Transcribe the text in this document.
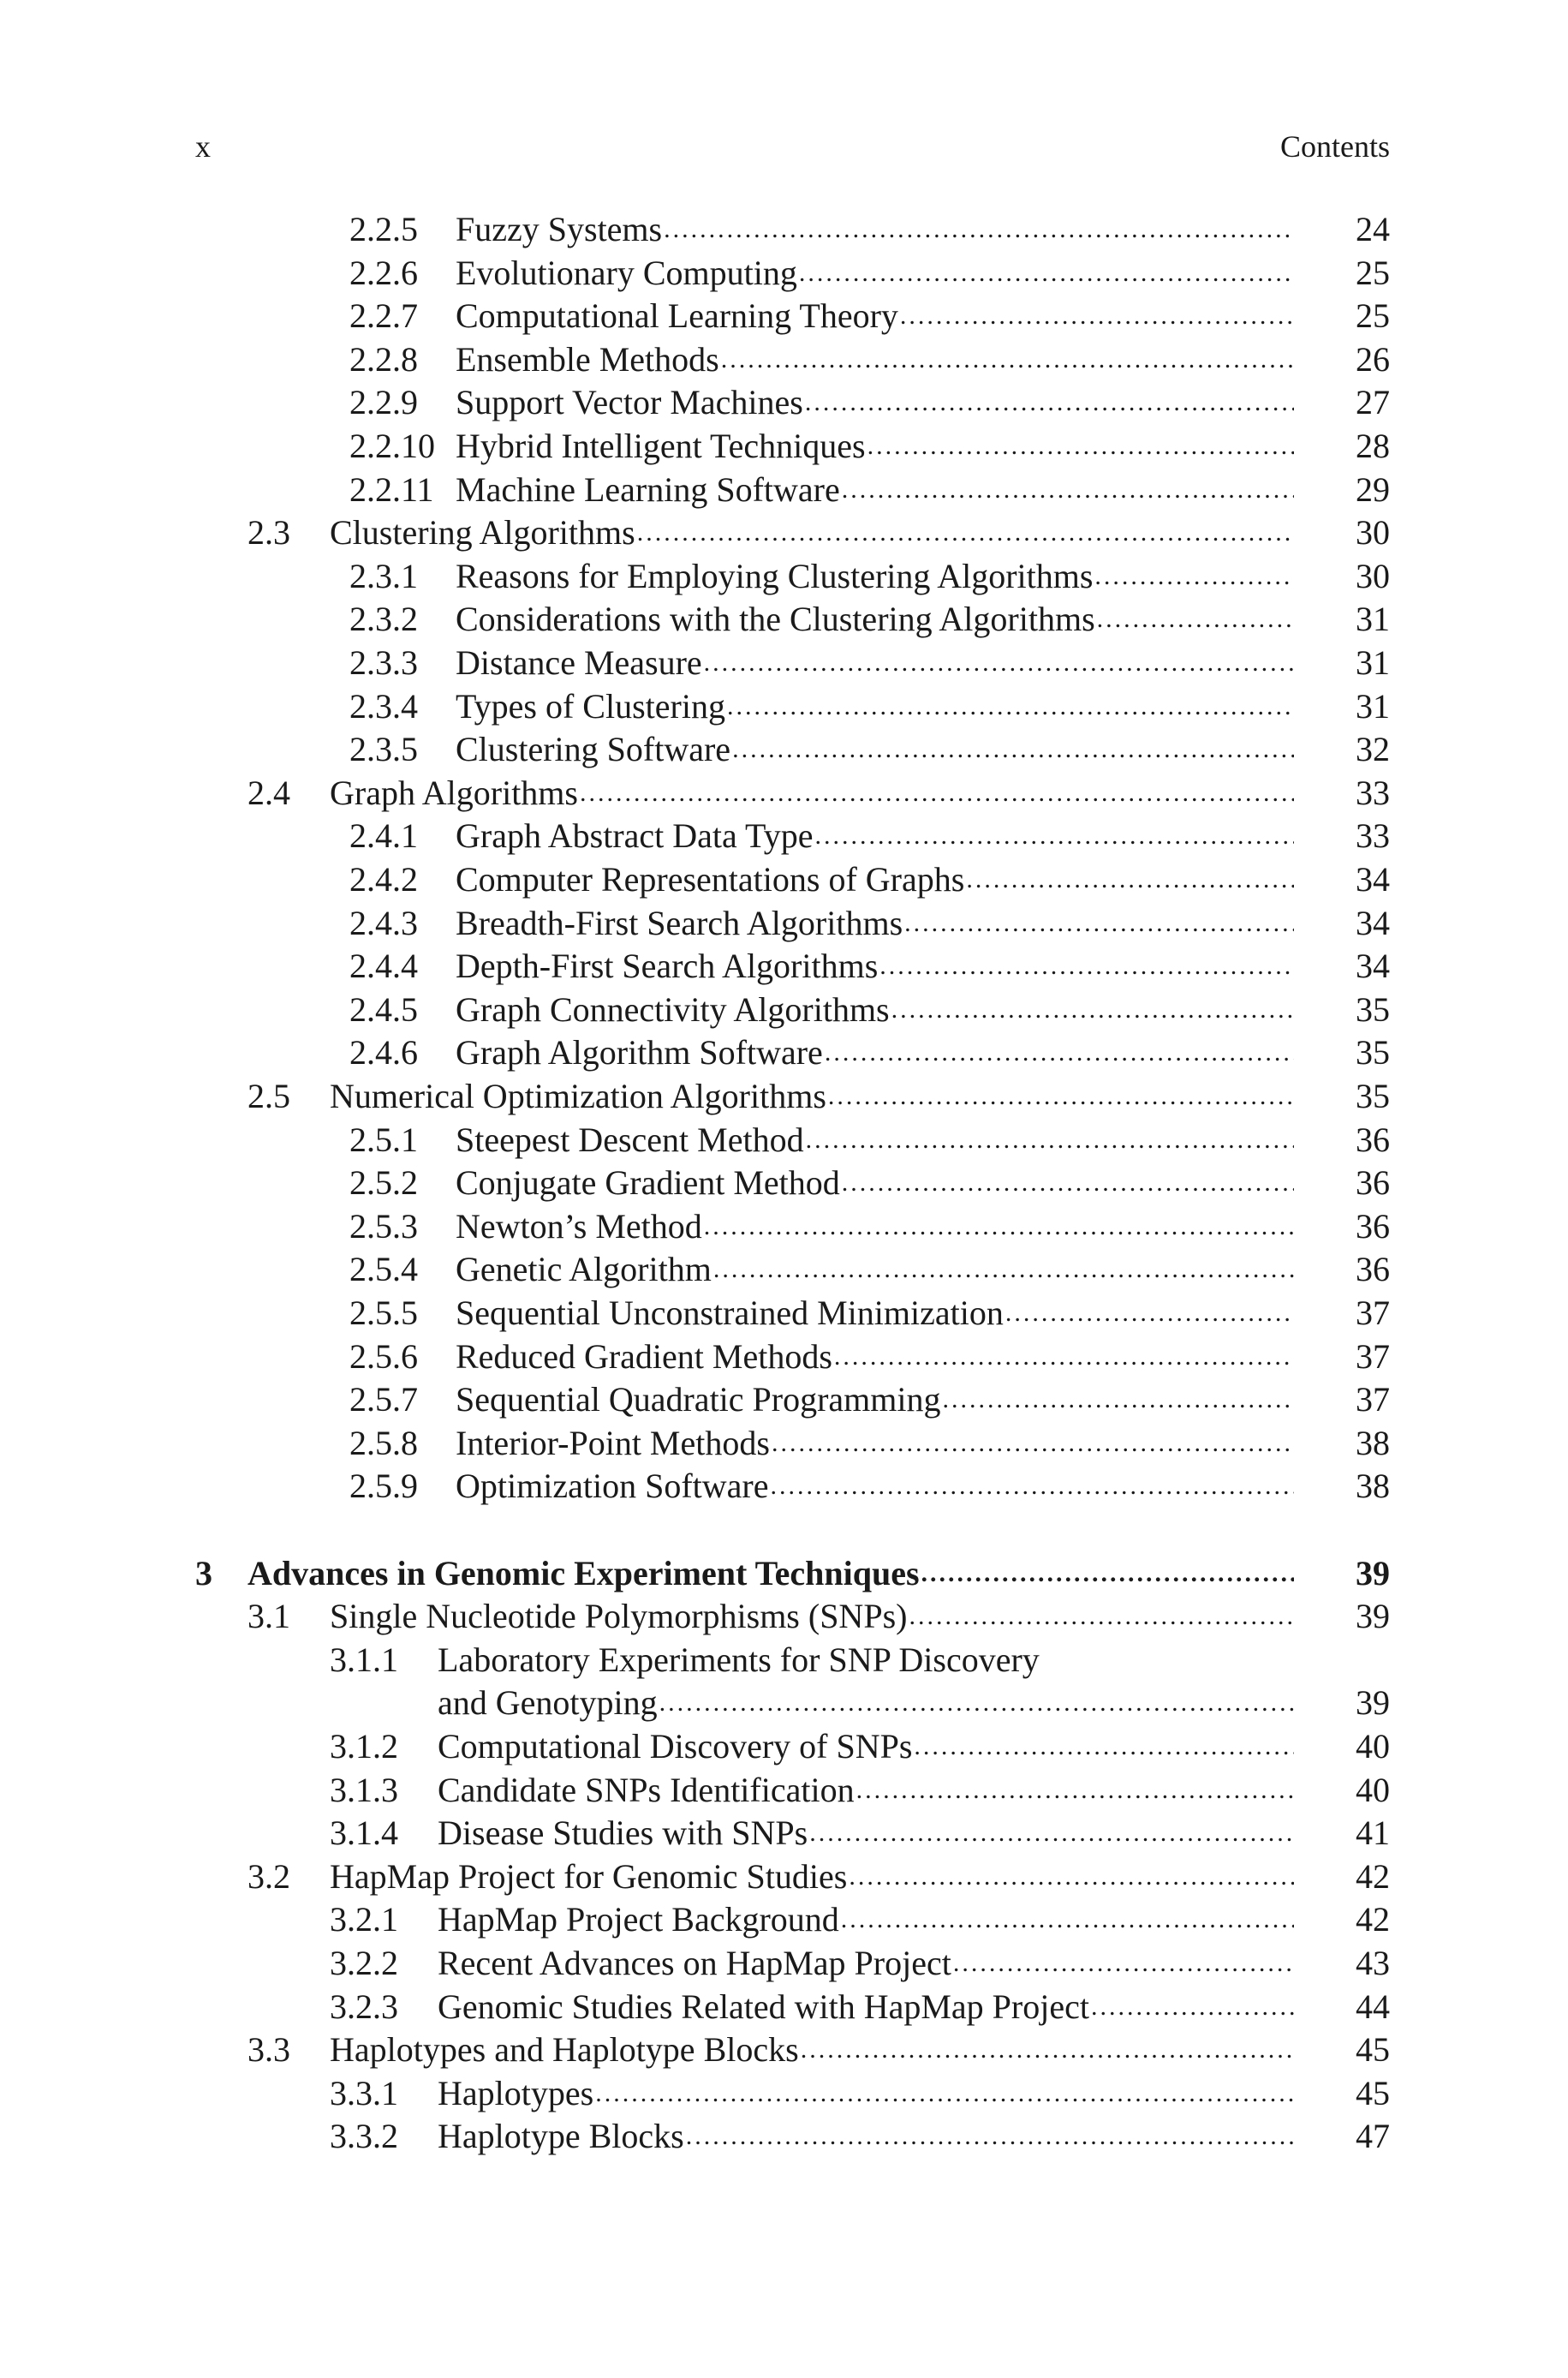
x	Contents
2.2.5 Fuzzy Systems .....	24
2.2.6 Evolutionary Computing .....	25
2.2.7 Computational Learning Theory .....	25
2.2.8 Ensemble Methods .....	26
2.2.9 Support Vector Machines .....	27
2.2.10 Hybrid Intelligent Techniques .....	28
2.2.11 Machine Learning Software .....	29
2.3 Clustering Algorithms .....	30
2.3.1 Reasons for Employing Clustering Algorithms .....	30
2.3.2 Considerations with the Clustering Algorithms .....	31
2.3.3 Distance Measure .....	31
2.3.4 Types of Clustering .....	31
2.3.5 Clustering Software .....	32
2.4 Graph Algorithms .....	33
2.4.1 Graph Abstract Data Type .....	33
2.4.2 Computer Representations of Graphs .....	34
2.4.3 Breadth-First Search Algorithms .....	34
2.4.4 Depth-First Search Algorithms .....	34
2.4.5 Graph Connectivity Algorithms .....	35
2.4.6 Graph Algorithm Software .....	35
2.5 Numerical Optimization Algorithms .....	35
2.5.1 Steepest Descent Method .....	36
2.5.2 Conjugate Gradient Method .....	36
2.5.3 Newton’s Method .....	36
2.5.4 Genetic Algorithm .....	36
2.5.5 Sequential Unconstrained Minimization .....	37
2.5.6 Reduced Gradient Methods .....	37
2.5.7 Sequential Quadratic Programming .....	37
2.5.8 Interior-Point Methods .....	38
2.5.9 Optimization Software .....	38
3 Advances in Genomic Experiment Techniques .....	39
3.1 Single Nucleotide Polymorphisms (SNPs) .....	39
3.1.1 Laboratory Experiments for SNP Discovery
and Genotyping .....	39
3.1.2 Computational Discovery of SNPs .....	40
3.1.3 Candidate SNPs Identification .....	40
3.1.4 Disease Studies with SNPs .....	41
3.2 HapMap Project for Genomic Studies .....	42
3.2.1 HapMap Project Background .....	42
3.2.2 Recent Advances on HapMap Project .....	43
3.2.3 Genomic Studies Related with HapMap Project .....	44
3.3 Haplotypes and Haplotype Blocks .....	45
3.3.1 Haplotypes .....	45
3.3.2 Haplotype Blocks .....	47
